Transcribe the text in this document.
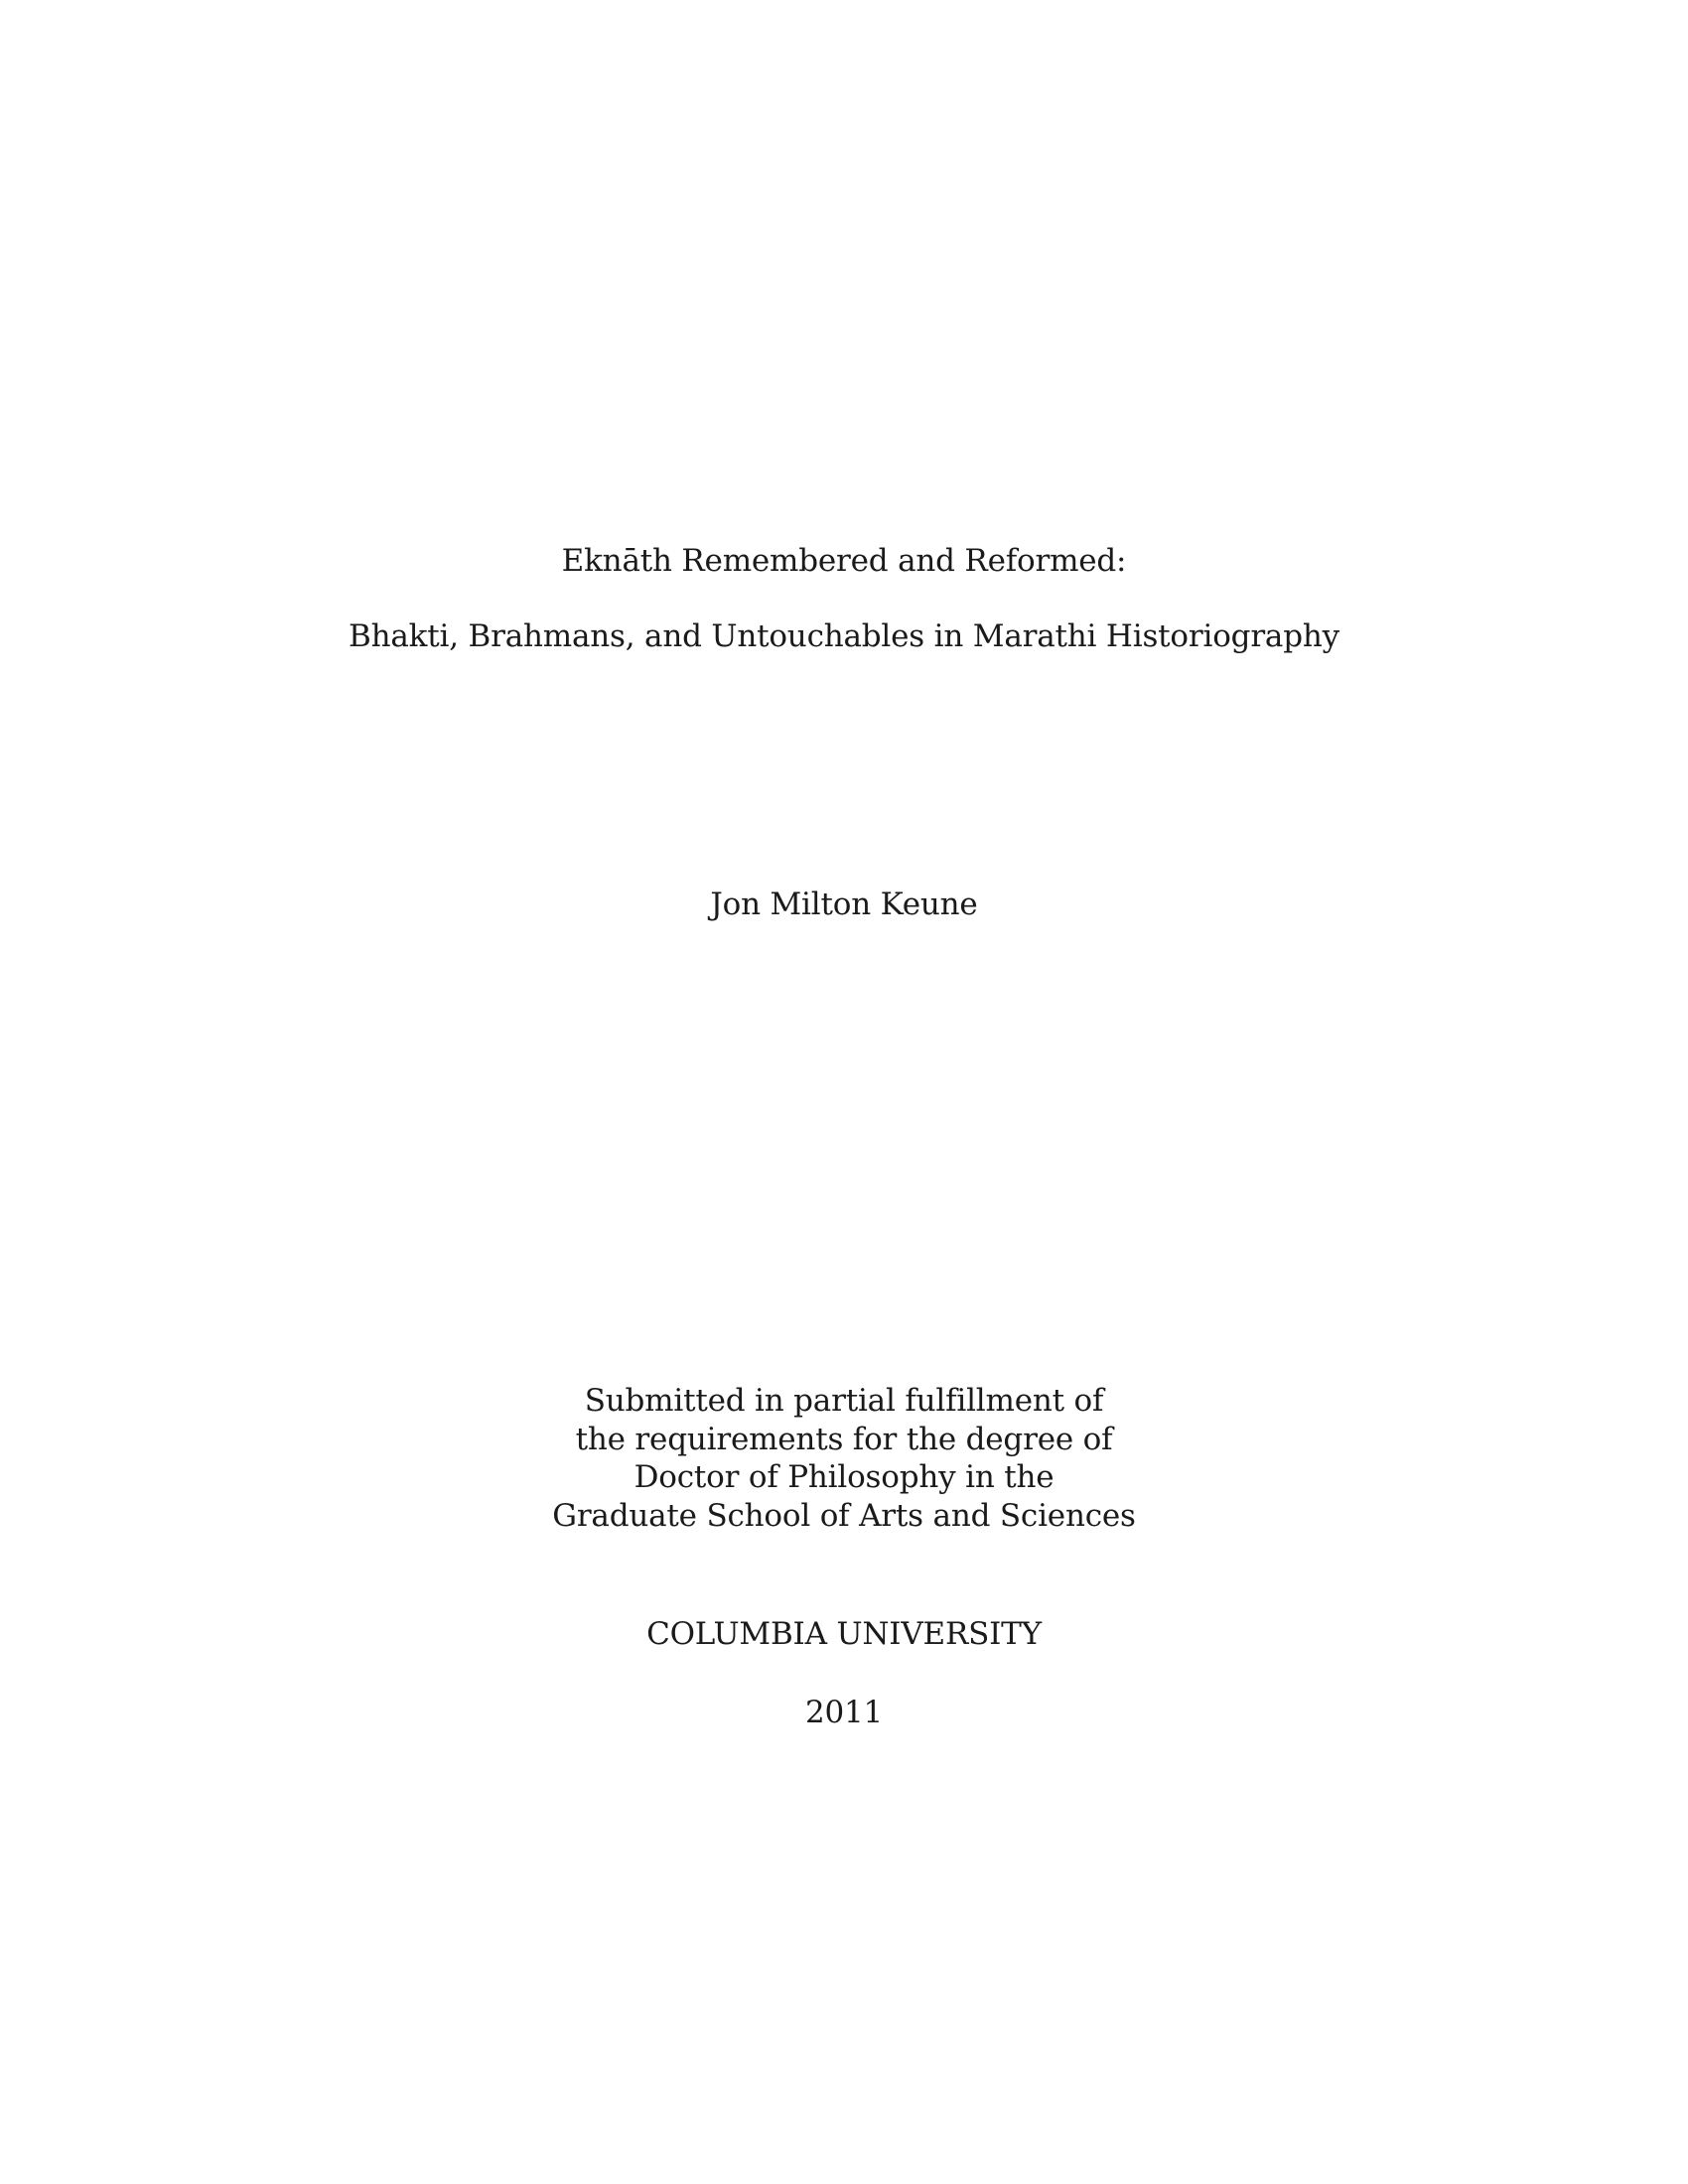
Eknāth Remembered and Reformed:
Bhakti, Brahmans, and Untouchables in Marathi Historiography
Jon Milton Keune
Submitted in partial fulfillment of
the requirements for the degree of
Doctor of Philosophy in the
Graduate School of Arts and Sciences
COLUMBIA UNIVERSITY
2011
